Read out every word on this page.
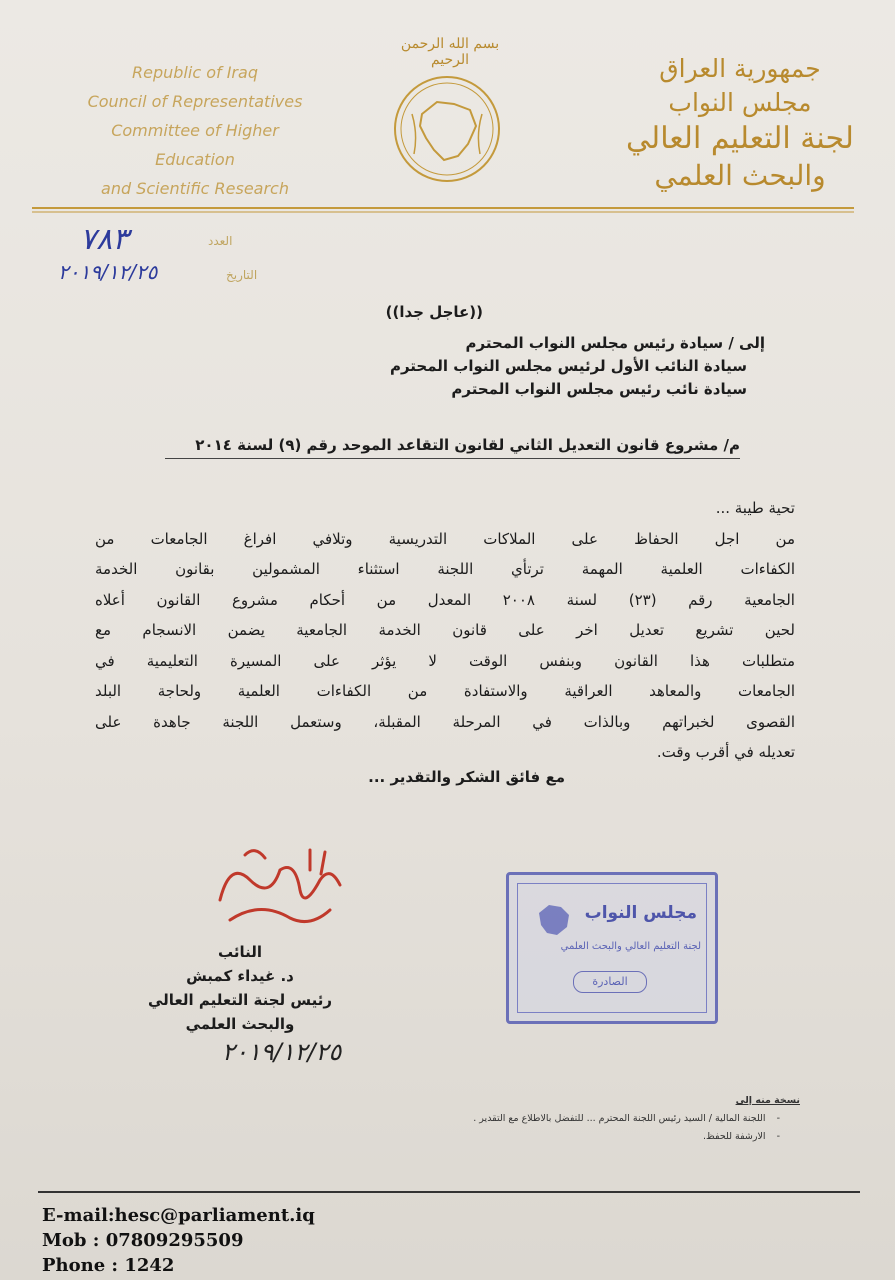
جمهورية العراق
مجلس النواب
لجنة التعليم العالي
والبحث العلمي
Republic of Iraq
Council of Representatives
Committee of Higher Education
and Scientific Research
بسم الله الرحمن الرحيم
٧٨٣	العدد
٢٠١٩/١٢/٢٥	التاريخ
((عاجل جدا))
إلى / سيادة رئيس مجلس النواب المحترم
سيادة النائب الأول لرئيس مجلس النواب المحترم
سيادة نائب رئيس مجلس النواب المحترم
م/ مشروع قانون التعديل الثاني لقانون التقاعد الموحد رقم (٩) لسنة ٢٠١٤

تحية طيبة ...

من اجل الحفاظ على الملاكات التدريسية وتلافي افراغ الجامعات من

الكفاءات العلمية المهمة ترتأي اللجنة استثناء المشمولين بقانون الخدمة

الجامعية رقم (٢٣) لسنة ٢٠٠٨ المعدل من أحكام مشروع القانون أعلاه

لحين تشريع تعديل اخر على قانون الخدمة الجامعية يضمن الانسجام مع

متطلبات هذا القانون وبنفس الوقت لا يؤثر على المسيرة التعليمية في

الجامعات والمعاهد العراقية والاستفادة من الكفاءات العلمية ولحاجة البلد

القصوى لخبراتهم وبالذات في المرحلة المقبلة، وستعمل اللجنة جاهدة على

تعديله في أقرب وقت.

مع فائق الشكر والتقدير ...
النائب
د. غيداء كمبش
رئيس لجنة التعليم العالي
والبحث العلمي
٢٠١٩/١٢/٢٥
مجلس النواب
لجنة التعليم العالي والبحث العلمي
الصادرة
نسخة منه إلى
- اللجنة المالية / السيد رئيس اللجنة المحترم ... للتفضل بالاطلاع مع التقدير .
- الارشفة للحفظ.
E-mail:hesc@parliament.iq
Mob : 07809295509
Phone : 1242
